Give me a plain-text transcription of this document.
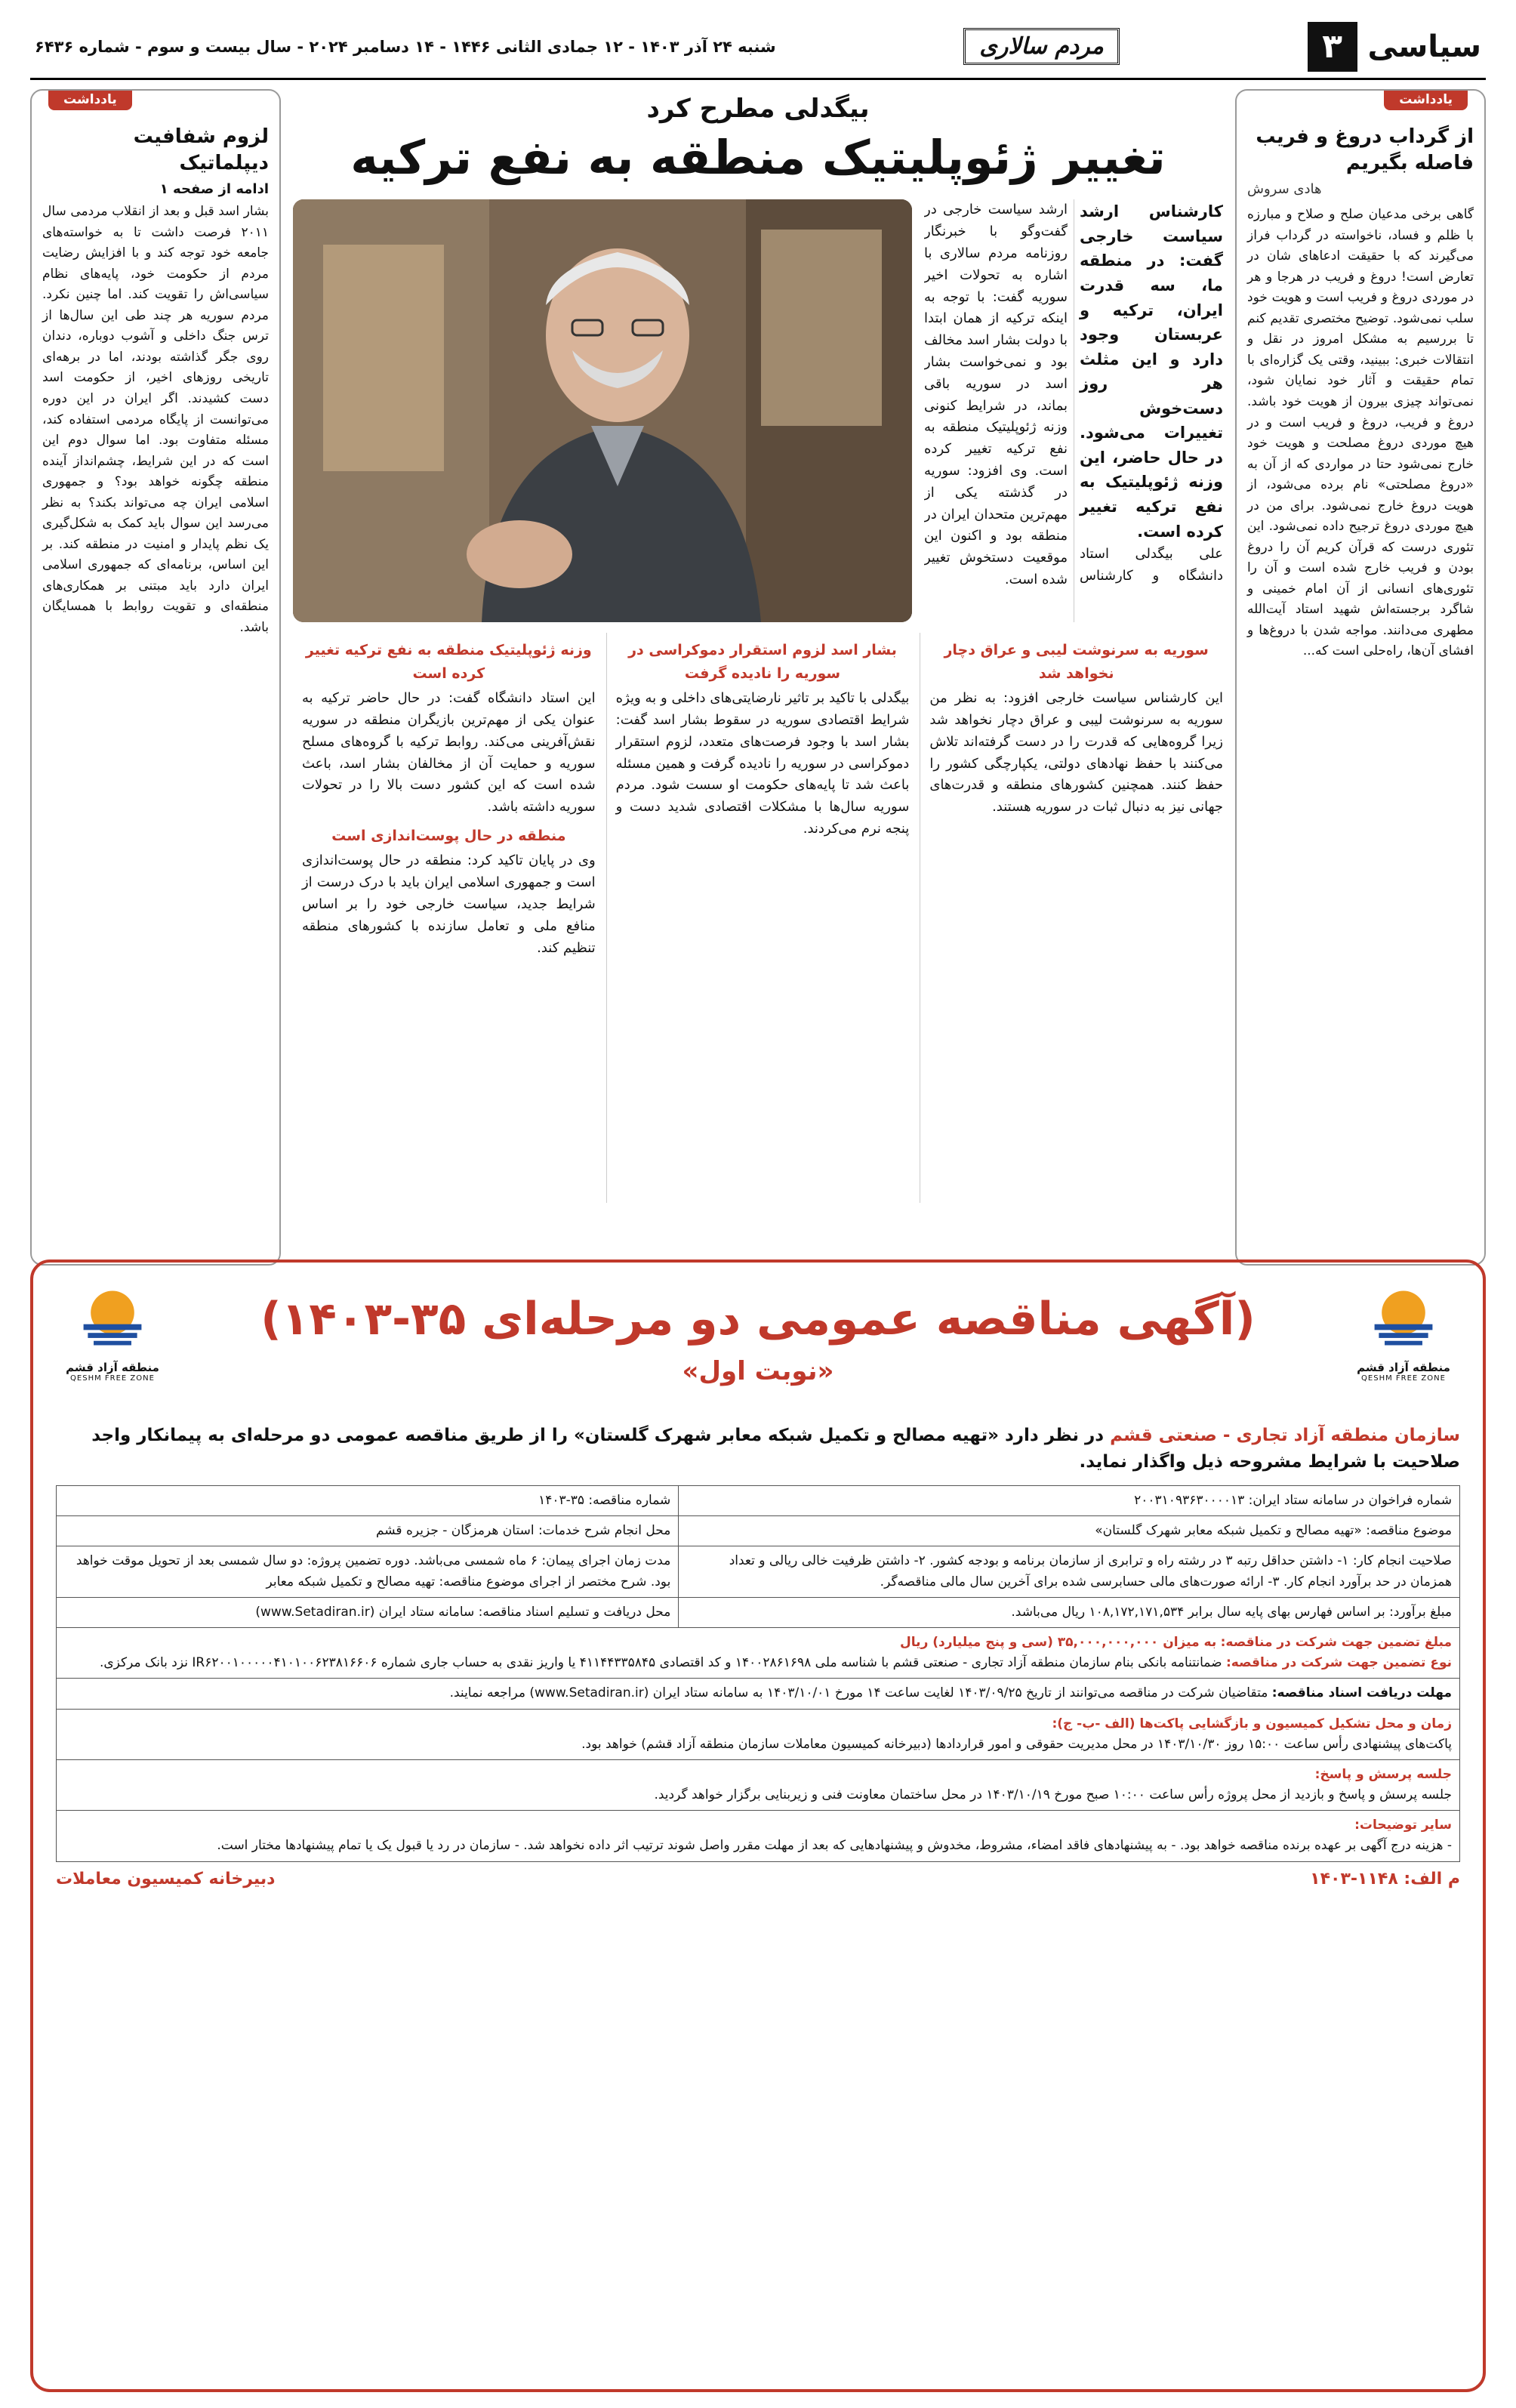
سیاسی
۳
مردم سالاری
شنبه ۲۴ آذر ۱۴۰۳ - ۱۲ جمادی الثانی ۱۴۴۶ - ۱۴ دسامبر ۲۰۲۴ - سال بیست و سوم - شماره ۶۴۳۶
یادداشت
از گرداب دروغ و فریب فاصله بگیریم
هادی سروش
گاهی برخی مدعیان صلح و صلاح و مبارزه با ظلم و فساد، ناخواسته در گرداب فراز می‌گیرند که با حقیقت ادعاهای شان در تعارض است! دروغ و فریب در هرجا و هر در موردی دروغ و فریب است و هویت خود سلب نمی‌شود. توضیح مختصری تقدیم کنم تا بررسیم به مشکل امروز در نقل و انتقالات خبری: ببینید، وقتی یک گزاره‌ای با تمام حقیقت و آثار خود نمایان شود، نمی‌تواند چیزی بیرون از هویت خود باشد. دروغ و فریب، دروغ و فریب است و در هیچ موردی دروغ مصلحت و هویت خود خارج نمی‌شود حتا در مواردی که از آن به «دروغ مصلحتی» نام برده می‌شود، از هویت دروغ خارج نمی‌شود. برای من در هیچ موردی دروغ ترجیح داده نمی‌شود. این تئوری درست که قرآن کریم آن را دروغ بودن و فریب خارج شده است و آن را تئوری‌های انسانی از آن امام خمینی و شاگرد برجسته‌اش شهید استاد آیت‌الله مطهری می‌دانند. مواجه شدن با دروغ‌ها و افشای آن‌ها، راه‌حلی است که...
بیگدلی مطرح کرد
تغییر ژئوپلیتیک منطقه به نفع ترکیه

کارشناس ارشد سیاست خارجی گفت: در منطقه ما، سه قدرت ایران، ترکیه و عربستان وجود دارد و این مثلث هر روز دست‌خوش تغییرات می‌شود. در حال حاضر، این وزنه ژئوپلیتیک به نفع ترکیه تغییر کرده است.

علی بیگدلی استاد دانشگاه و کارشناس ارشد سیاست خارجی در گفت‌وگو با خبرنگار روزنامه مردم سالاری با اشاره به تحولات اخیر سوریه گفت: با توجه به اینکه ترکیه از همان ابتدا با دولت بشار اسد مخالف بود و نمی‌خواست بشار اسد در سوریه باقی بماند، در شرایط کنونی وزنه ژئوپلیتیک منطقه به نفع ترکیه تغییر کرده است. وی افزود: سوریه در گذشته یکی از مهم‌ترین متحدان ایران در منطقه بود و اکنون این موقعیت دستخوش تغییر شده است.

سوریه به سرنوشت لیبی و عراق دچار نخواهد شد

این کارشناس سیاست خارجی افزود: به نظر من سوریه به سرنوشت لیبی و عراق دچار نخواهد شد زیرا گروه‌هایی که قدرت را در دست گرفته‌اند تلاش می‌کنند با حفظ نهادهای دولتی، یکپارچگی کشور را حفظ کنند. همچنین کشورهای منطقه و قدرت‌های جهانی نیز به دنبال ثبات در سوریه هستند.

بشار اسد لزوم استقرار دموکراسی در سوریه را نادیده گرفت

بیگدلی با تاکید بر تاثیر نارضایتی‌های داخلی و به ویژه شرایط اقتصادی سوریه در سقوط بشار اسد گفت: بشار اسد با وجود فرصت‌های متعدد، لزوم استقرار دموکراسی در سوریه را نادیده گرفت و همین مسئله باعث شد تا پایه‌های حکومت او سست شود. مردم سوریه سال‌ها با مشکلات اقتصادی شدید دست و پنجه نرم می‌کردند.

وزنه ژئوپلیتیک منطقه به نفع ترکیه تغییر کرده است

این استاد دانشگاه گفت: در حال حاضر ترکیه به عنوان یکی از مهم‌ترین بازیگران منطقه در سوریه نقش‌آفرینی می‌کند. روابط ترکیه با گروه‌های مسلح سوریه و حمایت آن از مخالفان بشار اسد، باعث شده است که این کشور دست بالا را در تحولات سوریه داشته باشد.

منطقه در حال پوست‌اندازی است

وی در پایان تاکید کرد: منطقه در حال پوست‌اندازی است و جمهوری اسلامی ایران باید با درک درست از شرایط جدید، سیاست خارجی خود را بر اساس منافع ملی و تعامل سازنده با کشورهای منطقه تنظیم کند.

یادداشت
لزوم شفافیت دیپلماتیک
ادامه از صفحه ۱
بشار اسد قبل و بعد از انقلاب مردمی سال ۲۰۱۱ فرصت داشت تا به خواسته‌های جامعه خود توجه کند و با افزایش رضایت مردم از حکومت خود، پایه‌های نظام سیاسی‌اش را تقویت کند. اما چنین نکرد. مردم سوریه هر چند طی این سال‌ها از ترس جنگ داخلی و آشوب دوباره، دندان روی جگر گذاشته بودند، اما در برهه‌ای تاریخی روزهای اخیر، از حکومت اسد دست کشیدند. اگر ایران در این دوره می‌توانست از پایگاه مردمی استفاده کند، مسئله متفاوت بود. اما سوال دوم این است که در این شرایط، چشم‌انداز آینده منطقه چگونه خواهد بود؟ و جمهوری اسلامی ایران چه می‌تواند بکند؟ به نظر می‌رسد این سوال باید کمک به شکل‌گیری یک نظم پایدار و امنیت در منطقه کند. بر این اساس، برنامه‌ای که جمهوری اسلامی ایران دارد باید مبتنی بر همکاری‌های منطقه‌ای و تقویت روابط با همسایگان باشد.
منطقه آزاد قشم
QESHM FREE ZONE
(آگهی مناقصه عمومی دو مرحله‌ای ۳۵-۱۴۰۳)
«نوبت اول»
منطقه آزاد قشم
QESHM FREE ZONE

سازمان منطقه آزاد تجاری - صنعتی قشم در نظر دارد «تهیه مصالح و تکمیل شبکه معابر شهرک گلستان» را از طریق مناقصه عمومی دو مرحله‌ای به پیمانکار واجد صلاحیت با شرایط مشروحه ذیل واگذار نماید.

شماره فراخوان در سامانه ستاد ایران: ۲۰۰۳۱۰۹۳۶۳۰۰۰۰۱۳	شماره مناقصه: ۳۵-۱۴۰۳
موضوع مناقصه: «تهیه مصالح و تکمیل شبکه معابر شهرک گلستان»	محل انجام شرح خدمات: استان هرمزگان - جزیره قشم
صلاحیت انجام کار: ۱- داشتن حداقل رتبه ۳ در رشته راه و ترابری از سازمان برنامه و بودجه کشور. ۲- داشتن ظرفیت خالی ریالی و تعداد همزمان در حد برآورد انجام کار. ۳- ارائه صورت‌های مالی حسابرسی شده برای آخرین سال مالی مناقصه‌گر.	مدت زمان اجرای پیمان: ۶ ماه شمسی می‌باشد. دوره تضمین پروژه: دو سال شمسی بعد از تحویل موقت خواهد بود. شرح مختصر از اجرای موضوع مناقصه: تهیه مصالح و تکمیل شبکه معابر
مبلغ برآورد: بر اساس فهارس بهای پایه سال برابر ۱۰۸,۱۷۲,۱۷۱,۵۳۴ ریال می‌باشد.	محل دریافت و تسلیم اسناد مناقصه: سامانه ستاد ایران (www.Setadiran.ir)
مبلغ تضمین جهت شرکت در مناقصه: به میزان ۳۵,۰۰۰,۰۰۰,۰۰۰ (سی و پنج میلیارد) ریال
نوع تضمین جهت شرکت در مناقصه: ضمانتنامه بانکی بنام سازمان منطقه آزاد تجاری - صنعتی قشم با شناسه ملی ۱۴۰۰۲۸۶۱۶۹۸ و کد اقتصادی ۴۱۱۴۴۳۳۵۸۴۵ یا واریز نقدی به حساب جاری شماره IR۶۲۰۰۱۰۰۰۰۰۴۱۰۱۰۰۶۲۳۸۱۶۶۰۶ نزد بانک مرکزی.	
مهلت دریافت اسناد مناقصه: متقاضیان شرکت در مناقصه می‌توانند از تاریخ ۱۴۰۳/۰۹/۲۵ لغایت ساعت ۱۴ مورخ ۱۴۰۳/۱۰/۰۱ به سامانه ستاد ایران (www.Setadiran.ir) مراجعه نمایند.	
زمان و محل تشکیل کمیسیون و بازگشایی پاکت‌ها (الف -ب- ج):
پاکت‌های پیشنهادی رأس ساعت ۱۵:۰۰ روز ۱۴۰۳/۱۰/۳۰ در محل مدیریت حقوقی و امور قراردادها (دبیرخانه کمیسیون معاملات سازمان منطقه آزاد قشم) خواهد بود.	
جلسه پرسش و پاسخ:
جلسه پرسش و پاسخ و بازدید از محل پروژه رأس ساعت ۱۰:۰۰ صبح مورخ ۱۴۰۳/۱۰/۱۹ در محل ساختمان معاونت فنی و زیربنایی برگزار خواهد گردید.	
سایر توضیحات:
- هزینه درج آگهی بر عهده برنده مناقصه خواهد بود. - به پیشنهادهای فاقد امضاء، مشروط، مخدوش و پیشنهادهایی که بعد از مهلت مقرر واصل شوند ترتیب اثر داده نخواهد شد. - سازمان در رد یا قبول یک یا تمام پیشنهادها مختار است.	
م الف: ۱۱۴۸-۱۴۰۳
دبیرخانه کمیسیون معاملات
